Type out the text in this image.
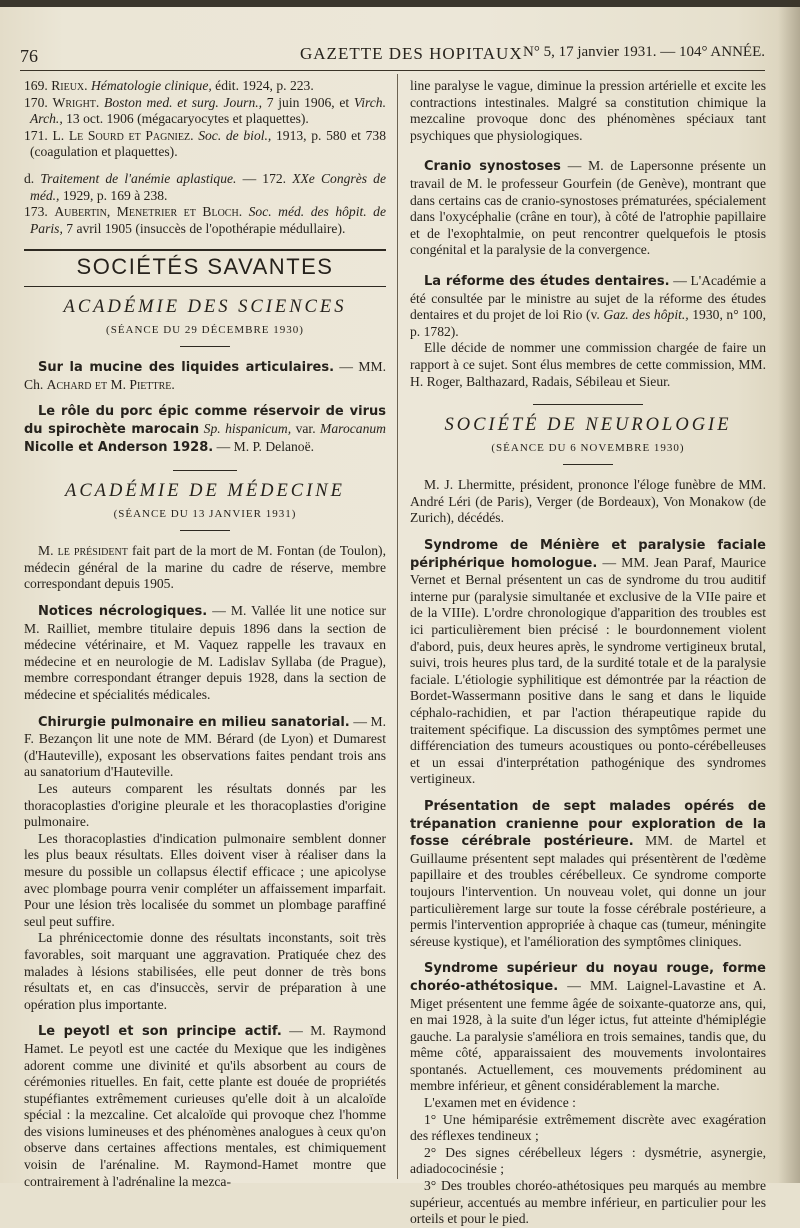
76	GAZETTE DES HOPITAUX N° 5, 17 janvier 1931. — 104° ANNÉE.

169. Rieux. Hématologie clinique, édit. 1924, p. 223.

170. Wright. Boston med. et surg. Journ., 7 juin 1906, et Virch. Arch., 13 oct. 1906 (mégacaryocytes et plaquettes).

171. L. Le Sourd et Pagniez. Soc. de biol., 1913, p. 580 et 738 (coagulation et plaquettes).

d. Traitement de l'anémie aplastique. — 172. XXe Congrès de méd., 1929, p. 169 à 238.

173. Aubertin, Menetrier et Bloch. Soc. méd. des hôpit. de Paris, 7 avril 1905 (insuccès de l'opothérapie médullaire).

SOCIÉTÉS SAVANTES
ACADÉMIE DES SCIENCES
(SÉANCE DU 29 DÉCEMBRE 1930)

Sur la mucine des liquides articulaires. — MM. Ch. Achard et M. Piettre.

Le rôle du porc épic comme réservoir de virus du spirochète marocain Sp. hispanicum, var. Marocanum Nicolle et Anderson 1928. — M. P. Delanoë.

ACADÉMIE DE MÉDECINE
(SÉANCE DU 13 JANVIER 1931)

M. le président fait part de la mort de M. Fontan (de Toulon), médecin général de la marine du cadre de réserve, membre correspondant depuis 1905.

Notices nécrologiques. — M. Vallée lit une notice sur M. Railliet, membre titulaire depuis 1896 dans la section de médecine vétérinaire, et M. Vaquez rappelle les travaux en médecine et en neurologie de M. Ladislav Syllaba (de Prague), membre correspondant étranger depuis 1928, dans la section de médecine et spécialités médicales.

Chirurgie pulmonaire en milieu sanatorial. — M. F. Bezançon lit une note de MM. Bérard (de Lyon) et Dumarest (d'Hauteville), exposant les observations faites pendant trois ans au sanatorium d'Hauteville.

Les auteurs comparent les résultats donnés par les thoracoplasties d'origine pleurale et les thoracoplasties d'origine pulmonaire.

Les thoracoplasties d'indication pulmonaire semblent donner les plus beaux résultats. Elles doivent viser à réaliser dans la mesure du possible un collapsus électif efficace ; une apicolyse avec plombage pourra venir compléter un affaissement imparfait. Pour une lésion très localisée du sommet un plombage paraffiné seul peut suffire.

La phrénicectomie donne des résultats inconstants, soit très favorables, soit marquant une aggravation. Pratiquée chez des malades à lésions stabilisées, elle peut donner de très bons résultats et, en cas d'insuccès, servir de préparation à une opération plus importante.

Le peyotl et son principe actif. — M. Raymond Hamet. Le peyotl est une cactée du Mexique que les indigènes adorent comme une divinité et qu'ils absorbent au cours de cérémonies rituelles. En fait, cette plante est douée de propriétés stupéfiantes extrêmement curieuses qu'elle doit à un alcaloïde spécial : la mezcaline. Cet alcaloïde qui provoque chez l'homme des visions lumineuses et des phénomènes analogues à ceux qu'on observe dans certaines affections mentales, est chimiquement voisin de l'arénaline. M. Raymond-Hamet montre que contrairement à l'adrénaline la mezca-

line paralyse le vague, diminue la pression artérielle et excite les contractions intestinales. Malgré sa constitution chimique la mezcaline provoque donc des phénomènes spéciaux tant psychiques que physiologiques.

Cranio synostoses — M. de Lapersonne présente un travail de M. le professeur Gourfein (de Genève), montrant que dans certains cas de cranio-synostoses prématurées, spécialement dans l'oxycéphalie (crâne en tour), à côté de l'atrophie papillaire et de l'exophtalmie, on peut rencontrer quelquefois le ptosis congénital et la paralysie de la convergence.

La réforme des études dentaires. — L'Académie a été consultée par le ministre au sujet de la réforme des études dentaires et du projet de loi Rio (v. Gaz. des hôpit., 1930, n° 100, p. 1782).

Elle décide de nommer une commission chargée de faire un rapport à ce sujet. Sont élus membres de cette commission, MM. H. Roger, Balthazard, Radais, Sébileau et Sieur.

SOCIÉTÉ DE NEUROLOGIE
(SÉANCE DU 6 NOVEMBRE 1930)

M. J. Lhermitte, président, prononce l'éloge funèbre de MM. André Léri (de Paris), Verger (de Bordeaux), Von Monakow (de Zurich), décédés.

Syndrome de Ménière et paralysie faciale périphérique homologue. — MM. Jean Paraf, Maurice Vernet et Bernal présentent un cas de syndrome du trou auditif interne pur (paralysie simultanée et exclusive de la VIIe paire et de la VIIIe). L'ordre chronologique d'apparition des troubles est ici particulièrement bien précisé : le bourdonnement violent d'abord, puis, deux heures après, le syndrome vertigineux brutal, suivi, trois heures plus tard, de la surdité totale et de la paralysie faciale. L'étiologie syphilitique est démontrée par la réaction de Bordet-Wassermann positive dans le sang et dans le liquide céphalo-rachidien, et par l'action thérapeutique rapide du traitement spécifique. La discussion des symptômes permet une différenciation des tumeurs acoustiques ou ponto-cérébelleuses et un essai d'interprétation pathogénique des syndromes vertigineux.

Présentation de sept malades opérés de trépanation cranienne pour exploration de la fosse cérébrale postérieure. MM. de Martel et Guillaume présentent sept malades qui présentèrent de l'œdème papillaire et des troubles cérébelleux. Ce syndrome comporte toujours l'intervention. Un nouveau volet, qui donne un jour particulièrement large sur toute la fosse cérébrale postérieure, a permis l'intervention appropriée à chaque cas (tumeur, méningite séreuse kystique), et l'amélioration des symptômes cliniques.

Syndrome supérieur du noyau rouge, forme choréo-athétosique. — MM. Laignel-Lavastine et A. Miget présentent une femme âgée de soixante-quatorze ans, qui, en mai 1928, à la suite d'un léger ictus, fut atteinte d'hémiplégie gauche. La paralysie s'améliora en trois semaines, tandis que, du même côté, apparaissaient des mouvements involontaires spontanés. Actuellement, ces mouvements prédominent au membre inférieur, et gênent considérablement la marche.

L'examen met en évidence :

1° Une hémiparésie extrêmement discrète avec exagération des réflexes tendineux ;

2° Des signes cérébelleux légers : dysmétrie, asynergie, adiadococinésie ;

3° Des troubles choréo-athétosiques peu marqués au membre supérieur, accentués au membre inférieur, en particulier pour les orteils et pour le pied.
